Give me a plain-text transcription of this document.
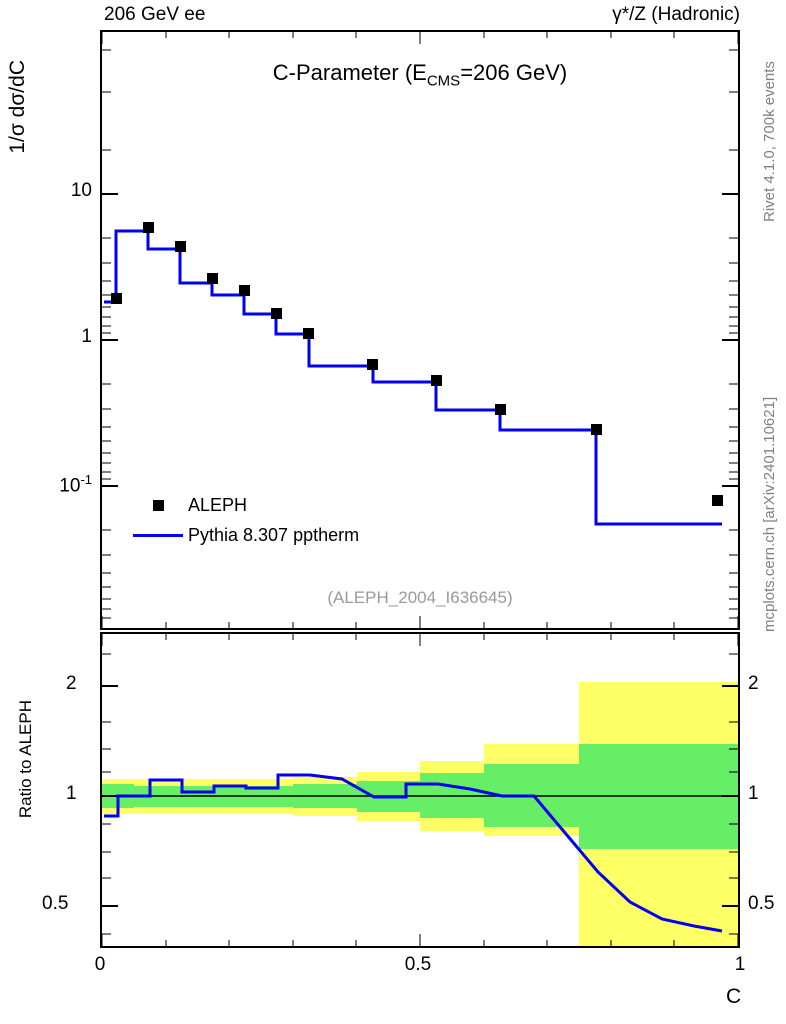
206 GeV ee	γ*/Z (Hadronic)
Rivet 4.1.0, 700k events
mcplots.cern.ch [arXiv:2401.10621]
10
1
$10^{-1}$
1/σ dσ/dC	C-Parameter ($E_{CMS}=206$ GeV)
ALEPH
Pythia 8.307 pptherm
(ALEPH_2004_I636645)
2
1
0.5
2
1
0.5
Ratio to ALEPH
0	0.5	1
C
